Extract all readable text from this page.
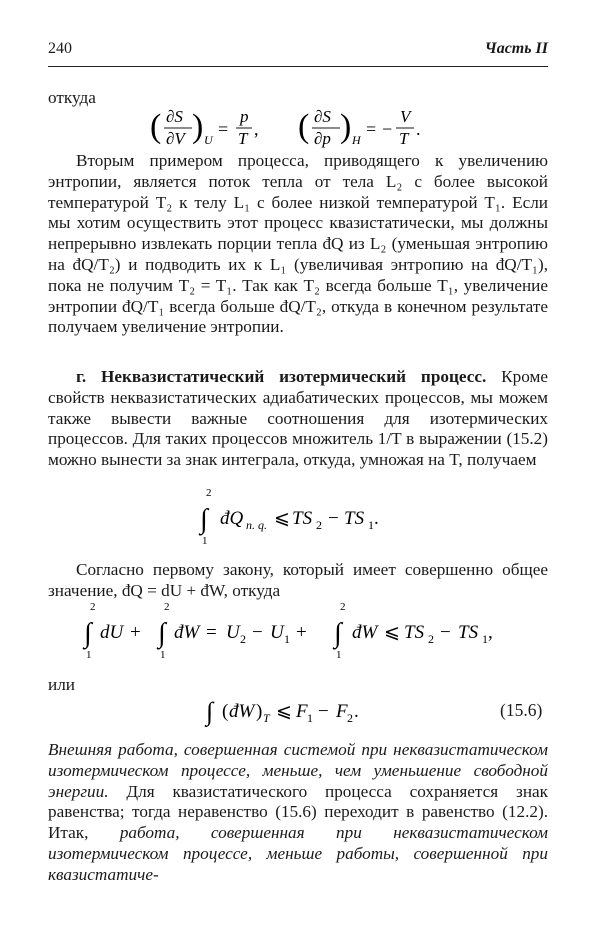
240	Часть II
откуда
( ∂S
∂V ) U
=
p
T , ( ∂S
∂p ) H
= −
V
T .
Вторым примером процесса, приводящего к увеличению энтропии, является поток тепла от тела L₂ с более высокой температурой T₂ к телу L₁ с более низкой температурой T₁. Если мы хотим осуществить этот процесс квазистатически, мы должны непрерывно извлекать порции тепла đQ из L₂ (уменьшая энтропию на đQ/T₂) и подводить их к L₁ (увеличивая энтропию на đQ/T₁), пока не получим T₂ = T₁. Так как T₂ всегда больше T₁, увеличение энтропии đQ/T₁ всегда больше đQ/T₂, откуда в конечном результате получаем увеличение энтропии.
г. Неквазистатический изотермический процесс. Кроме свойств неквазистатических адиабатических процессов, мы можем также вывести важные соотношения для изотермических процессов. Для таких процессов множитель 1/T в выражении (15.2) можно вынести за знак интеграла, откуда, умножая на T, получаем
2
∫
1
đQ n. q. ⩽ TS 2 − TS 1 .
Согласно первому закону, который имеет совершенно общее значение, đQ = dU + đW, откуда
2
∫
1
dU +
2
∫
1
đW = U 2 − U 1 +
2
∫
1
đW ⩽ TS 2 − TS 1 ,
или
∫ ( đW ) T ⩽ F 1 − F 2 .	(15.6)
Внешняя работа, совершенная системой при неквазистатическом изотермическом процессе, меньше, чем уменьшение свободной энергии. Для квазистатического процесса сохраняется знак равенства; тогда неравенство (15.6) переходит в равенство (12.2). Итак, работа, совершенная при неквазистатическом изотермическом процессе, меньше работы, совершенной при квазистатиче-
